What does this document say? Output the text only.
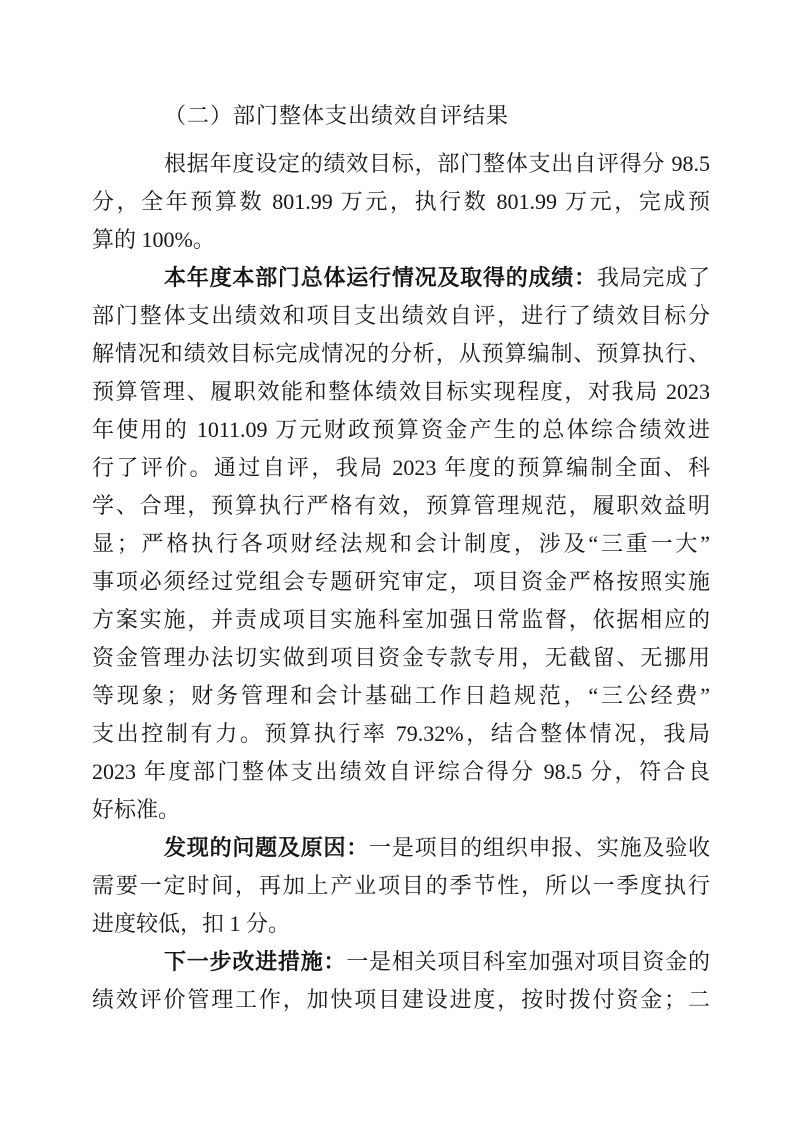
（二）部门整体支出绩效自评结果
根据年度设定的绩效目标，部门整体支出自评得分 98.5
分，全年预算数 801.99 万元，执行数 801.99 万元，完成预
算的 100%。
本年度本部门总体运行情况及取得的成绩：我局完成了
部门整体支出绩效和项目支出绩效自评，进行了绩效目标分
解情况和绩效目标完成情况的分析，从预算编制、预算执行、
预算管理、履职效能和整体绩效目标实现程度，对我局 2023
年使用的 1011.09 万元财政预算资金产生的总体综合绩效进
行了评价。通过自评，我局 2023 年度的预算编制全面、科
学、合理，预算执行严格有效，预算管理规范，履职效益明
显；严格执行各项财经法规和会计制度，涉及“三重一大”
事项必须经过党组会专题研究审定，项目资金严格按照实施
方案实施，并责成项目实施科室加强日常监督，依据相应的
资金管理办法切实做到项目资金专款专用，无截留、无挪用
等现象；财务管理和会计基础工作日趋规范，“三公经费”
支出控制有力。预算执行率 79.32%，结合整体情况，我局
2023 年度部门整体支出绩效自评综合得分 98.5 分，符合良
好标准。
发现的问题及原因：一是项目的组织申报、实施及验收
需要一定时间，再加上产业项目的季节性，所以一季度执行
进度较低，扣 1 分。
下一步改进措施：一是相关项目科室加强对项目资金的
绩效评价管理工作，加快项目建设进度，按时拨付资金；二
